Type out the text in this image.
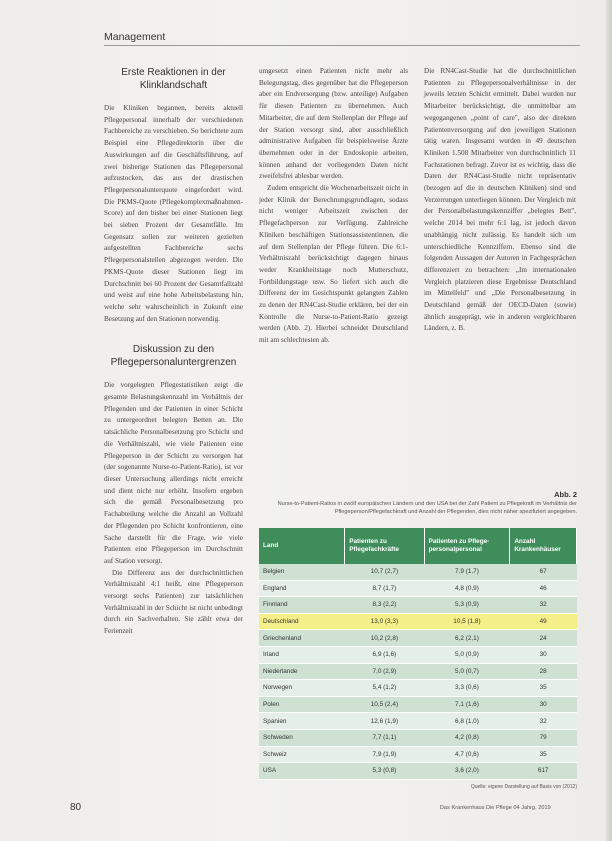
Management
Erste Reaktionen in der Klinklandschaft

Die Kliniken begannen, bereits aktuell Pflegepersonal innerhalb der verschiedenen Fachbereiche zu verschieben. So berichtete zum Beispiel eine Pflegedirektorin über die Auswirkungen auf die Geschäftsführung, auf zwei bisherige Stationen das Pflegepersonal aufzustocken, das aus der drastischen Pflegepersonalunterquote eingefordert wird. Die PKMS-Quote (Pflegekomplexmaßnahmen-Score) auf den bisher bei einer Stationen liegt bei sieben Prozent der Gesamtfälle. Im Gegensatz sollen zur weiteren gezielten aufgestellten Fachbereiche sechs Pflegepersonalstellen abgezogen werden. Die PKMS-Quote dieser Stationen liegt im Durchschnitt bei 60 Prozent der Gesamtfallzahl und weist auf eine hohe Arbeitsbelastung hin, welche sehr wahrscheinlich in Zukunft eine Besetzung auf den Stationen notwendig.

Diskussion zu den Pflegepersonaluntergrenzen

Die vorgelegten Pflegestatistiken zeigt die gesamte Belastungskennzahl im Verhältnis der Pflegenden und der Patienten in einer Schicht zu untergeordnet belegten Betten an. Die tatsächliche Personalbesetzung pro Schicht und die Verhältniszahl, wie viele Patienten eine Pflegeperson in der Schicht zu versorgen hat (der sogenannte Nurse-to-Patient-Ratio), ist vor dieser Untersuchung allerdings nicht erreicht und dient nicht nur erhöht. Insofern ergeben sich die gemäß Personalbesetzung pro Fachabteilung welche die Anzahl an Vollzahl der Pflegenden pro Schicht konfrontieren, eine Sache darstellt für die Frage, wie viele Patienten eine Pflegeperson im Durchschnitt auf Station versorgt.

Die Differenz aus der durchschnittlichen Verhältniszahl 4:1 heißt, eine Pflegeperson versorgt sechs Patienten) zur tatsächlichen Verhältniszahl in der Schicht ist nicht unbedingt durch ein Sachverhalten. Sie zählt etwa der Ferienzeit

umgesetzt einen Patienten nicht mehr als Belegungstag, dies gegenüber hat die Pflegeperson aber ein Endversorgung (bzw. anteilige) Aufgaben für diesen Patienten zu übernehmen. Auch Mitarbeiter, die auf dem Stellenplan der Pflege auf der Station versorgt sind, aber ausschließlich administrative Aufgaben für beispielsweise Ärzte übernehmen oder in der Endoskopie arbeiten, können anhand der vorliegenden Daten nicht zweifelsfrei ablesbar werden.

Zudem entspricht die Wochenarbeitszeit nicht in jeder Klinik der Berechnungsgrundlagen, sodass nicht weniger Arbeitszeit zwischen der Pflegefachperson zur Verfügung. Zahlreiche Kliniken beschäftigen Stationsassistentinnen, die auf dem Stellenplan der Pflege führen. Die 6:1-Verhältniszahl berücksichtigt dagegen hinaus weder Krankheitstage noch Mutterschutz, Fortbildungstage usw. So liefert sich auch die Differenz der im Gesichtspunkt gelangten Zahlen zu denen der RN4Cast-Studie erklären, bei der ein Kontrolle die Nurse-to-Patient-Ratio gezeigt werden (Abb. 2). Hierbei schneidet Deutschland mit am schlechtesten ab.

Die RN4Cast-Studie hat die durchschnittlichen Patienten zu Pflegepersonalverhältnisse in der jeweils letzten Schicht ermittelt. Dabei wurden nur Mitarbeiter berücksichtigt, die unmittelbar am wegegangenen „point of care", also der direkten Patientenversorgung auf den jeweiligen Stationen tätig waren. Insgesamt wurden in 49 deutschen Kliniken 1.508 Mitarbeiter von durchschnittlich 11 Fachstationen befragt. Zuvor ist es wichtig, dass die Daten der RN4Cast-Studie nicht repräsentativ (bezogen auf die in deutschen Kliniken) sind und Verzerrungen unterliegen können. Der Vergleich mit der Personalbelastungskennziffer „belegtes Bett", welche 2014 bei mehr 6:1 lag, ist jedoch davon unabhängig nicht zulässig. Es handelt sich um unterschiedliche Kennziffern. Ebenso sind die folgenden Aussagen der Autoren in Fachgesprächen differenziert zu betrachten: „Im internationalen Vergleich platzieren diese Ergebnisse Deutschland im Mittelfeld" und „Die Personalbesetzung in Deutschland gemäß der OECD-Daten (sowie) ähnlich ausgeprägt, wie in anderen vergleichbaren Ländern, z. B.

Abb. 2
Nurse-to-Patient-Ratios in zwölf europäischen Ländern und den USA bei der Zahl Patient zu Pflegekraft im Verhältnis der Pflegeperson/Pflegefachkraft und Anzahl der Pflegenden, dies nicht näher spezifiziert angegeben.
Land	Patienten zu Pflegefachkräfte	Patienten zu Pflege-personalpersonal	Anzahl Krankenhäuser
Belgien	10,7 (2,7)	7,9 (1,7)	67
England	8,7 (1,7)	4,8 (0,9)	46
Finnland	8,3 (2,2)	5,3 (0,9)	32
Deutschland	13,0 (3,3)	10,5 (1,8)	49
Griechenland	10,2 (2,8)	6,2 (2,1)	24
Irland	6,9 (1,6)	5,0 (0,9)	30
Niederlande	7,0 (2,9)	5,0 (0,7)	28
Norwegen	5,4 (1,2)	3,3 (0,6)	35
Polen	10,5 (2,4)	7,1 (1,6)	30
Spanien	12,6 (1,9)	6,8 (1,0)	32
Schweden	7,7 (1,1)	4,2 (0,8)	79
Schweiz	7,9 (1,9)	4,7 (0,6)	35
USA	5,3 (0,8)	3,6 (2,0)	617
Quelle: eigene Darstellung auf Basis von (2012)
80	Das Krankenhaus Die Pflege 04 Jahrg. 2019
